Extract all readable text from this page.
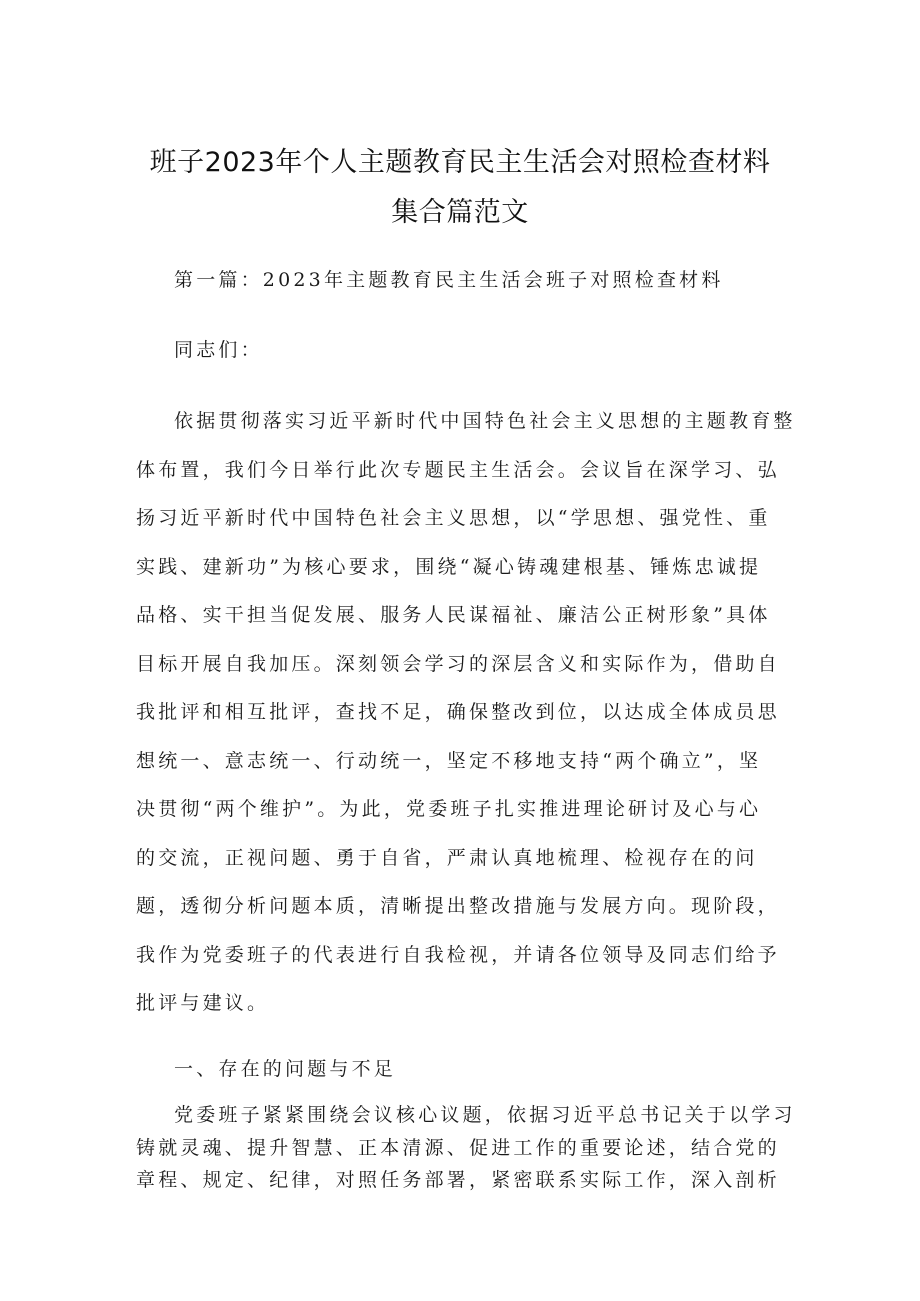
班子2023年个人主题教育民主生活会对照检查材料
集合篇范文
第一篇：2023年主题教育民主生活会班子对照检查材料
同志们：
依据贯彻落实习近平新时代中国特色社会主义思想的主题教育整
体布置，我们今日举行此次专题民主生活会。会议旨在深学习、弘
扬习近平新时代中国特色社会主义思想，以“学思想、强党性、重
实践、建新功”为核心要求，围绕“凝心铸魂建根基、锤炼忠诚提
品格、实干担当促发展、服务人民谋福祉、廉洁公正树形象”具体
目标开展自我加压。深刻领会学习的深层含义和实际作为，借助自
我批评和相互批评，查找不足，确保整改到位，以达成全体成员思
想统一、意志统一、行动统一，坚定不移地支持“两个确立”，坚
决贯彻“两个维护”。为此，党委班子扎实推进理论研讨及心与心
的交流，正视问题、勇于自省，严肃认真地梳理、检视存在的问
题，透彻分析问题本质，清晰提出整改措施与发展方向。现阶段，
我作为党委班子的代表进行自我检视，并请各位领导及同志们给予
批评与建议。
一、存在的问题与不足
党委班子紧紧围绕会议核心议题，依据习近平总书记关于以学习
铸就灵魂、提升智慧、正本清源、促进工作的重要论述，结合党的
章程、规定、纪律，对照任务部署，紧密联系实际工作，深入剖析
